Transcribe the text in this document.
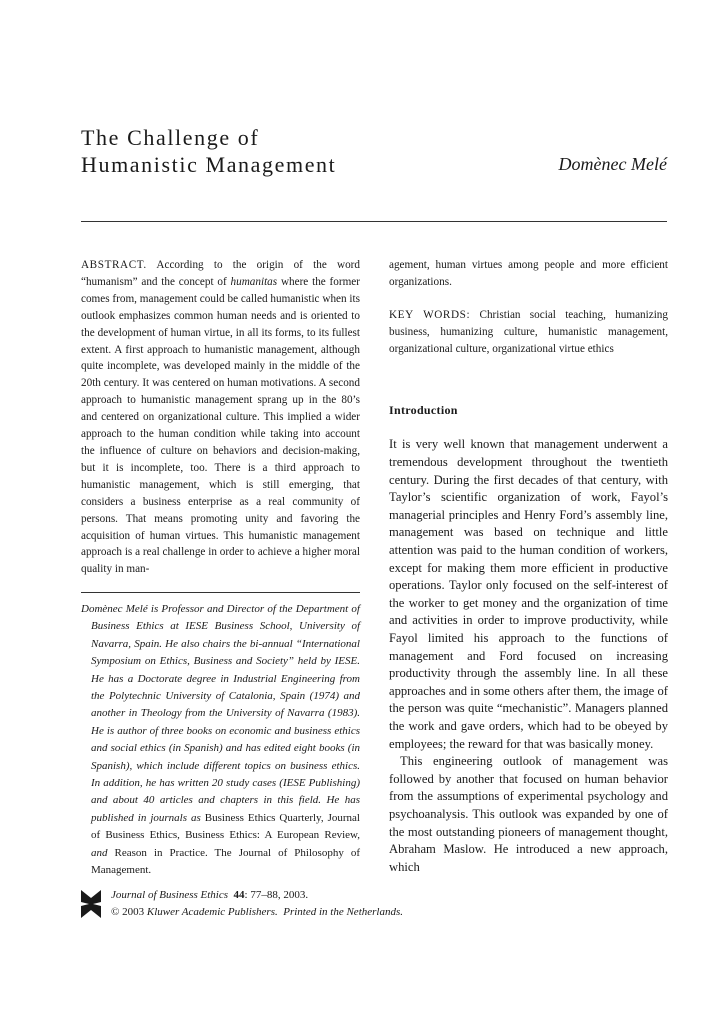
The Challenge of
Humanistic Management	Domènec Melé

ABSTRACT. According to the origin of the word “humanism” and the concept of humanitas where the former comes from, management could be called humanistic when its outlook emphasizes common human needs and is oriented to the development of human virtue, in all its forms, to its fullest extent. A first approach to humanistic management, although quite incomplete, was developed mainly in the middle of the 20th century. It was centered on human motivations. A second approach to humanistic management sprang up in the 80’s and centered on organizational culture. This implied a wider approach to the human condition while taking into account the influence of culture on behaviors and decision-making, but it is incomplete, too. There is a third approach to humanistic management, which is still emerging, that considers a business enterprise as a real community of persons. That means promoting unity and favoring the acquisition of human virtues. This humanistic management approach is a real challenge in order to achieve a higher moral quality in man-

Domènec Melé is Professor and Director of the Department of Business Ethics at IESE Business School, University of Navarra, Spain. He also chairs the bi-annual “International Symposium on Ethics, Business and Society” held by IESE. He has a Doctorate degree in Industrial Engineering from the Polytechnic University of Catalonia, Spain (1974) and another in Theology from the University of Navarra (1983). He is author of three books on economic and business ethics and social ethics (in Spanish) and has edited eight books (in Spanish), which include different topics on business ethics. In addition, he has written 20 study cases (IESE Publishing) and about 40 articles and chapters in this field. He has published in journals as Business Ethics Quarterly, Journal of Business Ethics, Business Ethics: A European Review, and Reason in Practice. The Journal of Philosophy of Management.

agement, human virtues among people and more efficient organizations.

KEY WORDS: Christian social teaching, humanizing business, humanizing culture, humanistic management, organizational culture, organizational virtue ethics

Introduction

It is very well known that management underwent a tremendous development throughout the twentieth century. During the first decades of that century, with Taylor’s scientific organization of work, Fayol’s managerial principles and Henry Ford’s assembly line, management was based on technique and little attention was paid to the human condition of workers, except for making them more efficient in productive operations. Taylor only focused on the self-interest of the worker to get money and the organization of time and activities in order to improve productivity, while Fayol limited his approach to the functions of management and Ford focused on increasing productivity through the assembly line. In all these approaches and in some others after them, the image of the person was quite “mechanistic”. Managers planned the work and gave orders, which had to be obeyed by employees; the reward for that was basically money.

This engineering outlook of management was followed by another that focused on human behavior from the assumptions of experimental psychology and psychoanalysis. This outlook was expanded by one of the most outstanding pioneers of management thought, Abraham Maslow. He introduced a new approach, which

Journal of Business Ethics 44: 77–88, 2003.
© 2003 Kluwer Academic Publishers. Printed in the Netherlands.
